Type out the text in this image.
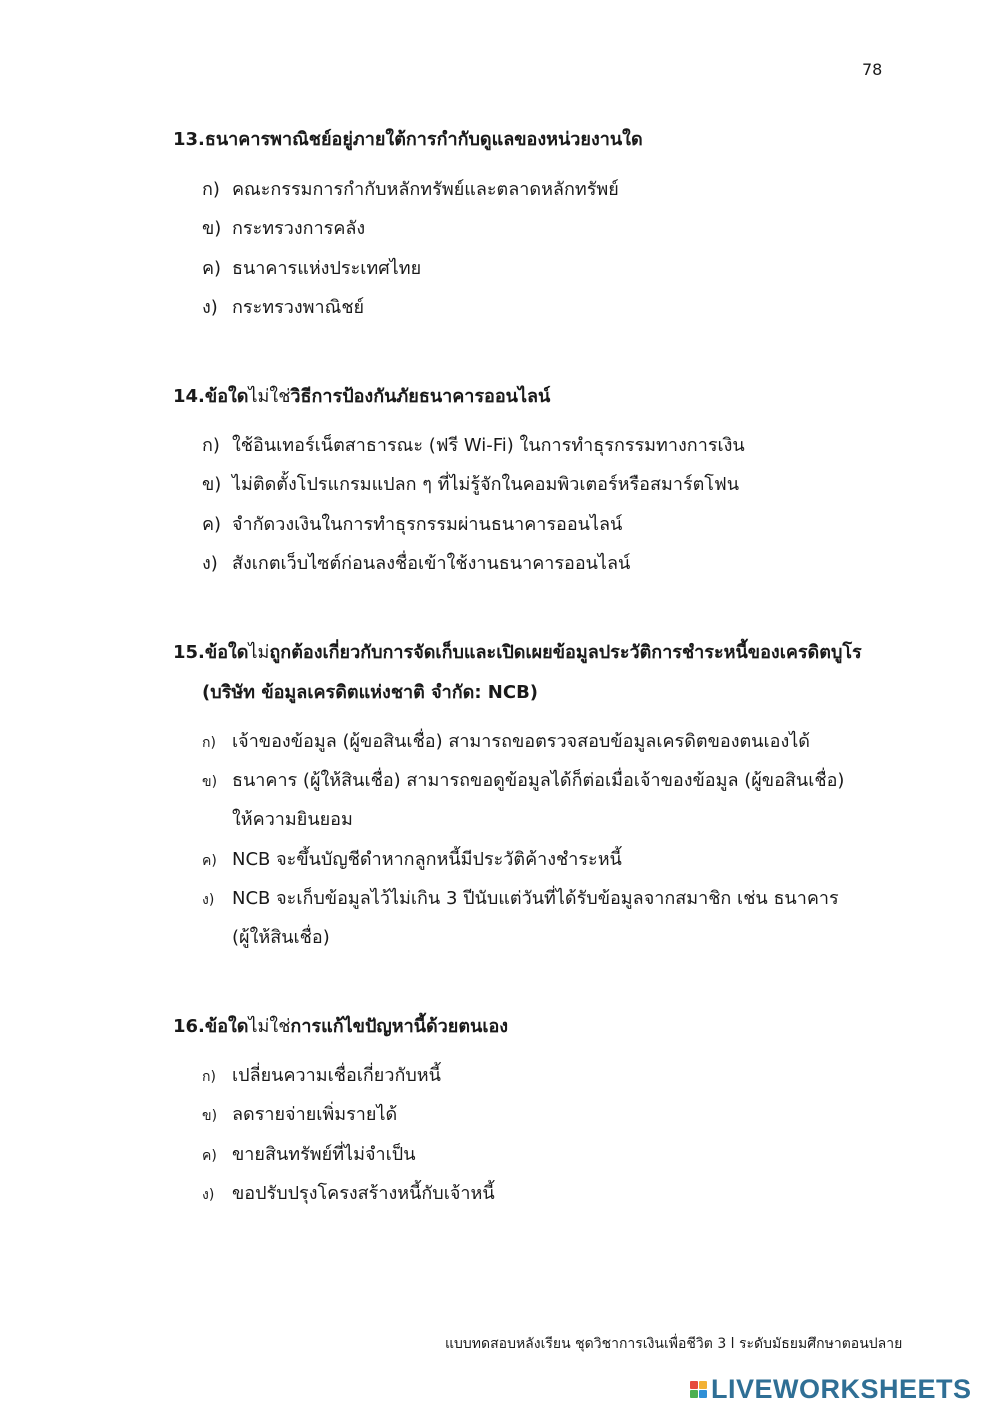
78
13.ธนาคารพาณิชย์อยู่ภายใต้การกำกับดูแลของหน่วยงานใด
ก) คณะกรรมการกำกับหลักทรัพย์และตลาดหลักทรัพย์
ข) กระทรวงการคลัง
ค) ธนาคารแห่งประเทศไทย
ง) กระทรวงพาณิชย์
14.ข้อใดไม่ใช่วิธีการป้องกันภัยธนาคารออนไลน์
ก) ใช้อินเทอร์เน็ตสาธารณะ (ฟรี Wi-Fi) ในการทำธุรกรรมทางการเงิน
ข) ไม่ติดตั้งโปรแกรมแปลก ๆ ที่ไม่รู้จักในคอมพิวเตอร์หรือสมาร์ตโฟน
ค) จำกัดวงเงินในการทำธุรกรรมผ่านธนาคารออนไลน์
ง) สังเกตเว็บไซต์ก่อนลงชื่อเข้าใช้งานธนาคารออนไลน์
15.ข้อใดไม่ถูกต้องเกี่ยวกับการจัดเก็บและเปิดเผยข้อมูลประวัติการชำระหนี้ของเครดิตบูโร
(บริษัท ข้อมูลเครดิตแห่งชาติ จำกัด: NCB)
ก) เจ้าของข้อมูล (ผู้ขอสินเชื่อ) สามารถขอตรวจสอบข้อมูลเครดิตของตนเองได้
ข) ธนาคาร (ผู้ให้สินเชื่อ) สามารถขอดูข้อมูลได้ก็ต่อเมื่อเจ้าของข้อมูล (ผู้ขอสินเชื่อ)
ให้ความยินยอม
ค) NCB จะขึ้นบัญชีดำหากลูกหนี้มีประวัติค้างชำระหนี้
ง) NCB จะเก็บข้อมูลไว้ไม่เกิน 3 ปีนับแต่วันที่ได้รับข้อมูลจากสมาชิก เช่น ธนาคาร
(ผู้ให้สินเชื่อ)
16.ข้อใดไม่ใช่การแก้ไขปัญหานี้ด้วยตนเอง
ก) เปลี่ยนความเชื่อเกี่ยวกับหนี้
ข) ลดรายจ่ายเพิ่มรายได้
ค) ขายสินทรัพย์ที่ไม่จำเป็น
ง) ขอปรับปรุงโครงสร้างหนี้กับเจ้าหนี้
แบบทดสอบหลังเรียน ชุดวิชาการเงินเพื่อชีวิต 3 l ระดับมัธยมศึกษาตอนปลาย
LIVEWORKSHEETS
